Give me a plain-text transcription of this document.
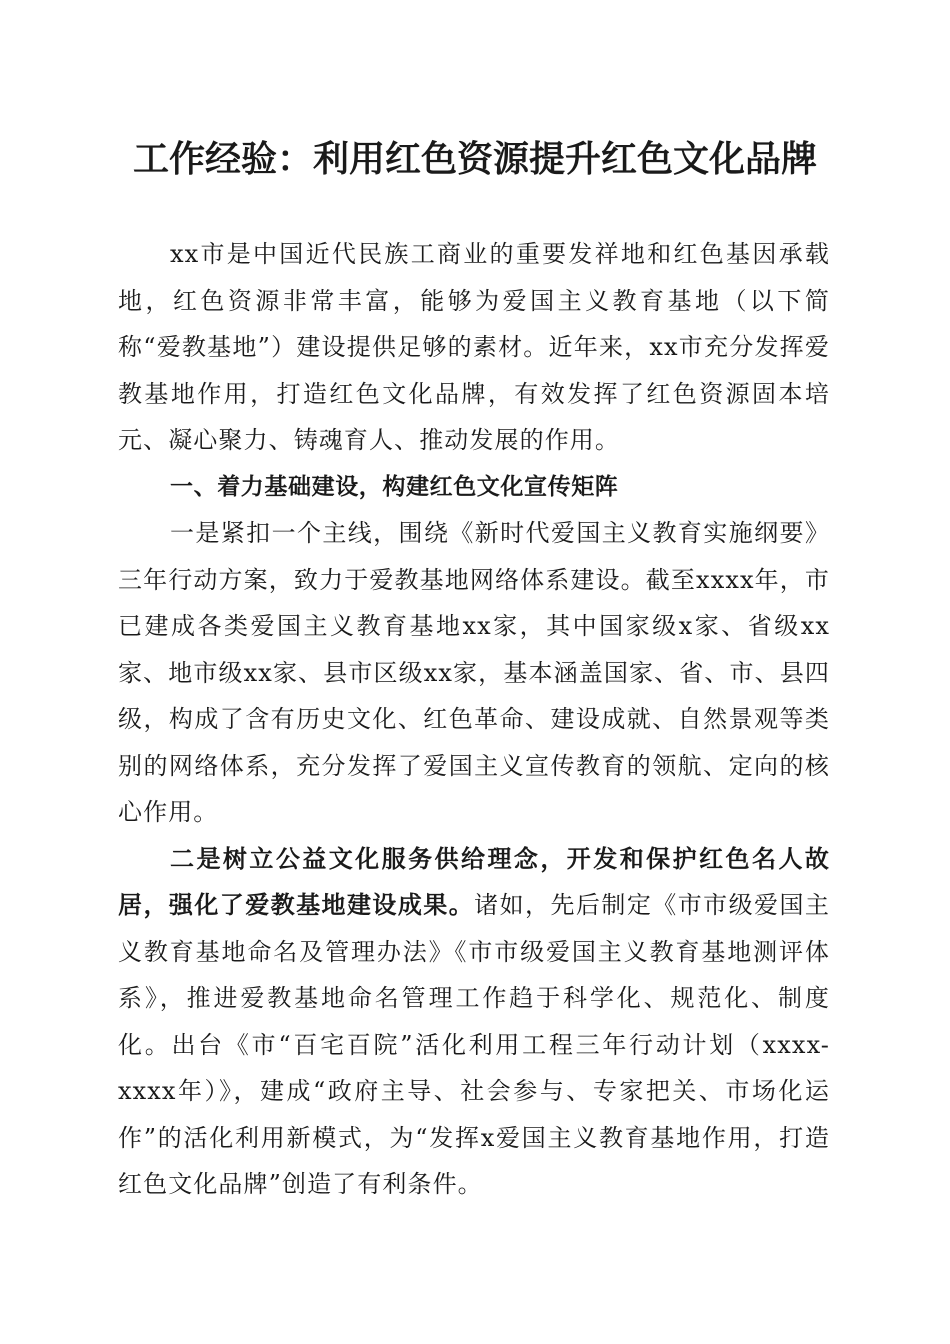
工作经验：利用红色资源提升红色文化品牌

xx市是中国近代民族工商业的重要发祥地和红色基因承载地，红色资源非常丰富，能够为爱国主义教育基地（以下简称“爱教基地”）建设提供足够的素材。近年来，xx市充分发挥爱教基地作用，打造红色文化品牌，有效发挥了红色资源固本培元、凝心聚力、铸魂育人、推动发展的作用。

一、着力基础建设，构建红色文化宣传矩阵

一是紧扣一个主线，围绕《新时代爱国主义教育实施纲要》三年行动方案，致力于爱教基地网络体系建设。截至xxxx年，市已建成各类爱国主义教育基地xx家，其中国家级x家、省级xx家、地市级xx家、县市区级xx家，基本涵盖国家、省、市、县四级，构成了含有历史文化、红色革命、建设成就、自然景观等类别的网络体系，充分发挥了爱国主义宣传教育的领航、定向的核心作用。

二是树立公益文化服务供给理念，开发和保护红色名人故居，强化了爱教基地建设成果。诸如，先后制定《市市级爱国主义教育基地命名及管理办法》《市市级爱国主义教育基地测评体系》，推进爱教基地命名管理工作趋于科学化、规范化、制度化。出台《市“百宅百院”活化利用工程三年行动计划（xxxx-xxxx年）》，建成“政府主导、社会参与、专家把关、市场化运作”的活化利用新模式，为“发挥x爱国主义教育基地作用，打造红色文化品牌”创造了有利条件。
